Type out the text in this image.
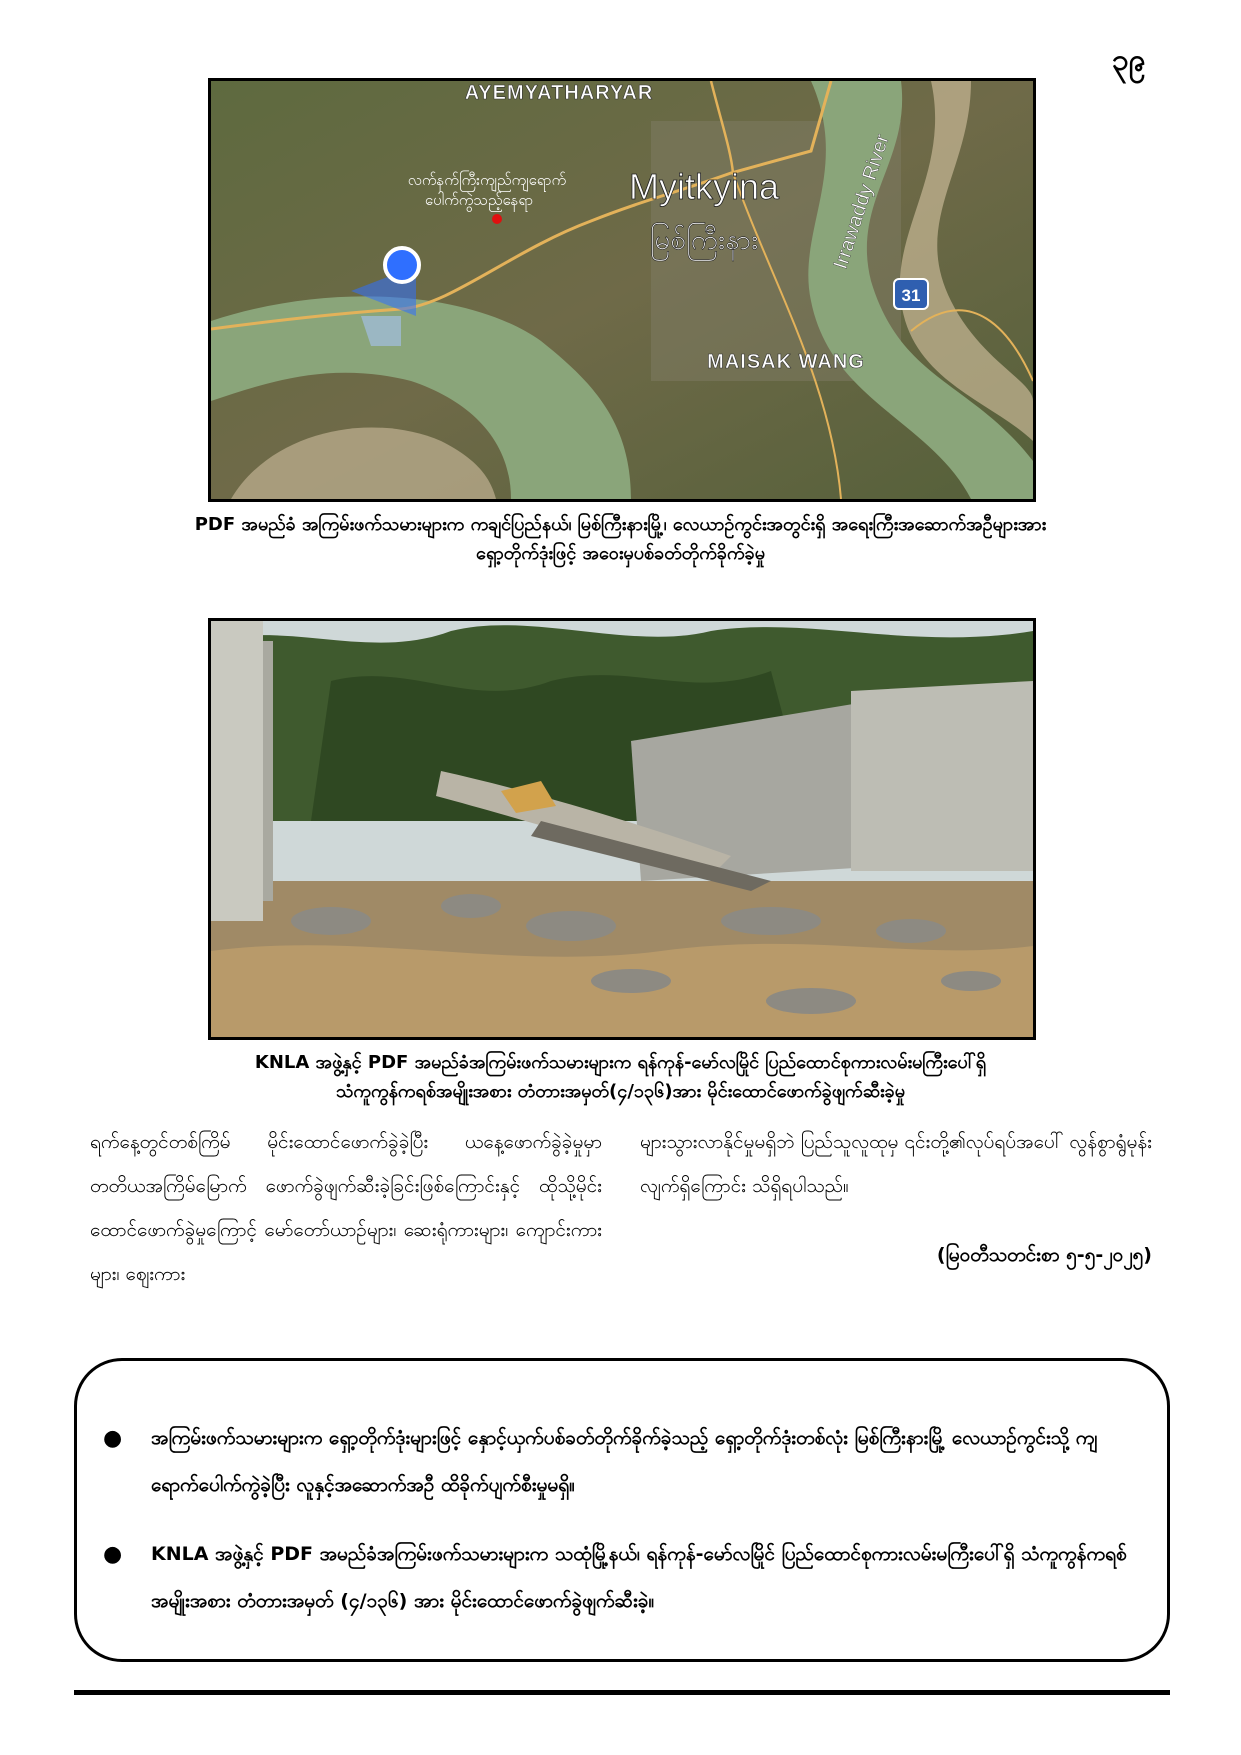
၃၉
31
AYEMYATHARYAR
Myitkyina
မြစ်ကြီးနား	Irrawaddy River
MAISAK WANG
လက်နက်ကြီးကျည်ကျရောက်
ပေါက်ကွဲသည့်နေရာ
PDF အမည်ခံ အကြမ်းဖက်သမားများက ကချင်ပြည်နယ်၊ မြစ်ကြီးနားမြို့၊ လေယာဉ်ကွင်းအတွင်းရှိ အရေးကြီးအဆောက်အဦများအား
ရှော့တိုက်ဒုံးဖြင့် အဝေးမှပစ်ခတ်တိုက်ခိုက်ခဲ့မှု
KNLA အဖွဲ့နှင့် PDF အမည်ခံအကြမ်းဖက်သမားများက ရန်ကုန်-မော်လမြိုင် ပြည်ထောင်စုကားလမ်းမကြီးပေါ်ရှိ
သံကူကွန်ကရစ်အမျိုးအစား တံတားအမှတ်(၄/၁၃၆)အား မိုင်းထောင်ဖောက်ခွဲဖျက်ဆီးခဲ့မှု
ရက်နေ့တွင်တစ်ကြိမ် မိုင်းထောင်ဖောက်ခွဲခဲ့ပြီး ယနေ့ဖောက်ခွဲခဲ့မှုမှာ တတိယအကြိမ်မြောက် ဖောက်ခွဲဖျက်ဆီးခဲ့ခြင်းဖြစ်ကြောင်းနှင့် ထိုသို့မိုင်းထောင်ဖောက်ခွဲမှုကြောင့် မော်တော်ယာဉ်များ၊ ဆေးရုံကားများ၊ ကျောင်းကားများ၊ ဈေးကား
များသွားလာနိုင်မှုမရှိဘဲ ပြည်သူလူထုမှ ၎င်းတို့၏လုပ်ရပ်အပေါ် လွန်စွာရွံမုန်းလျက်ရှိကြောင်း သိရှိရပါသည်။
(မြဝတီသတင်းစာ ၅-၅-၂၀၂၅)
● အကြမ်းဖက်သမားများက ရှော့တိုက်ဒုံးများဖြင့် နှောင့်ယှက်ပစ်ခတ်တိုက်ခိုက်ခဲ့သည့် ရှော့တိုက်ဒုံးတစ်လုံး မြစ်ကြီးနားမြို့ လေယာဉ်ကွင်းသို့ ကျရောက်ပေါက်ကွဲခဲ့ပြီး လူနှင့်အဆောက်အဦ ထိခိုက်ပျက်စီးမှုမရှိ။
● KNLA အဖွဲ့နှင့် PDF အမည်ခံအကြမ်းဖက်သမားများက သထုံမြို့နယ်၊ ရန်ကုန်-မော်လမြိုင် ပြည်ထောင်စုကားလမ်းမကြီးပေါ်ရှိ သံကူကွန်ကရစ်အမျိုးအစား တံတားအမှတ် (၄/၁၃၆) အား မိုင်းထောင်ဖောက်ခွဲဖျက်ဆီးခဲ့။
